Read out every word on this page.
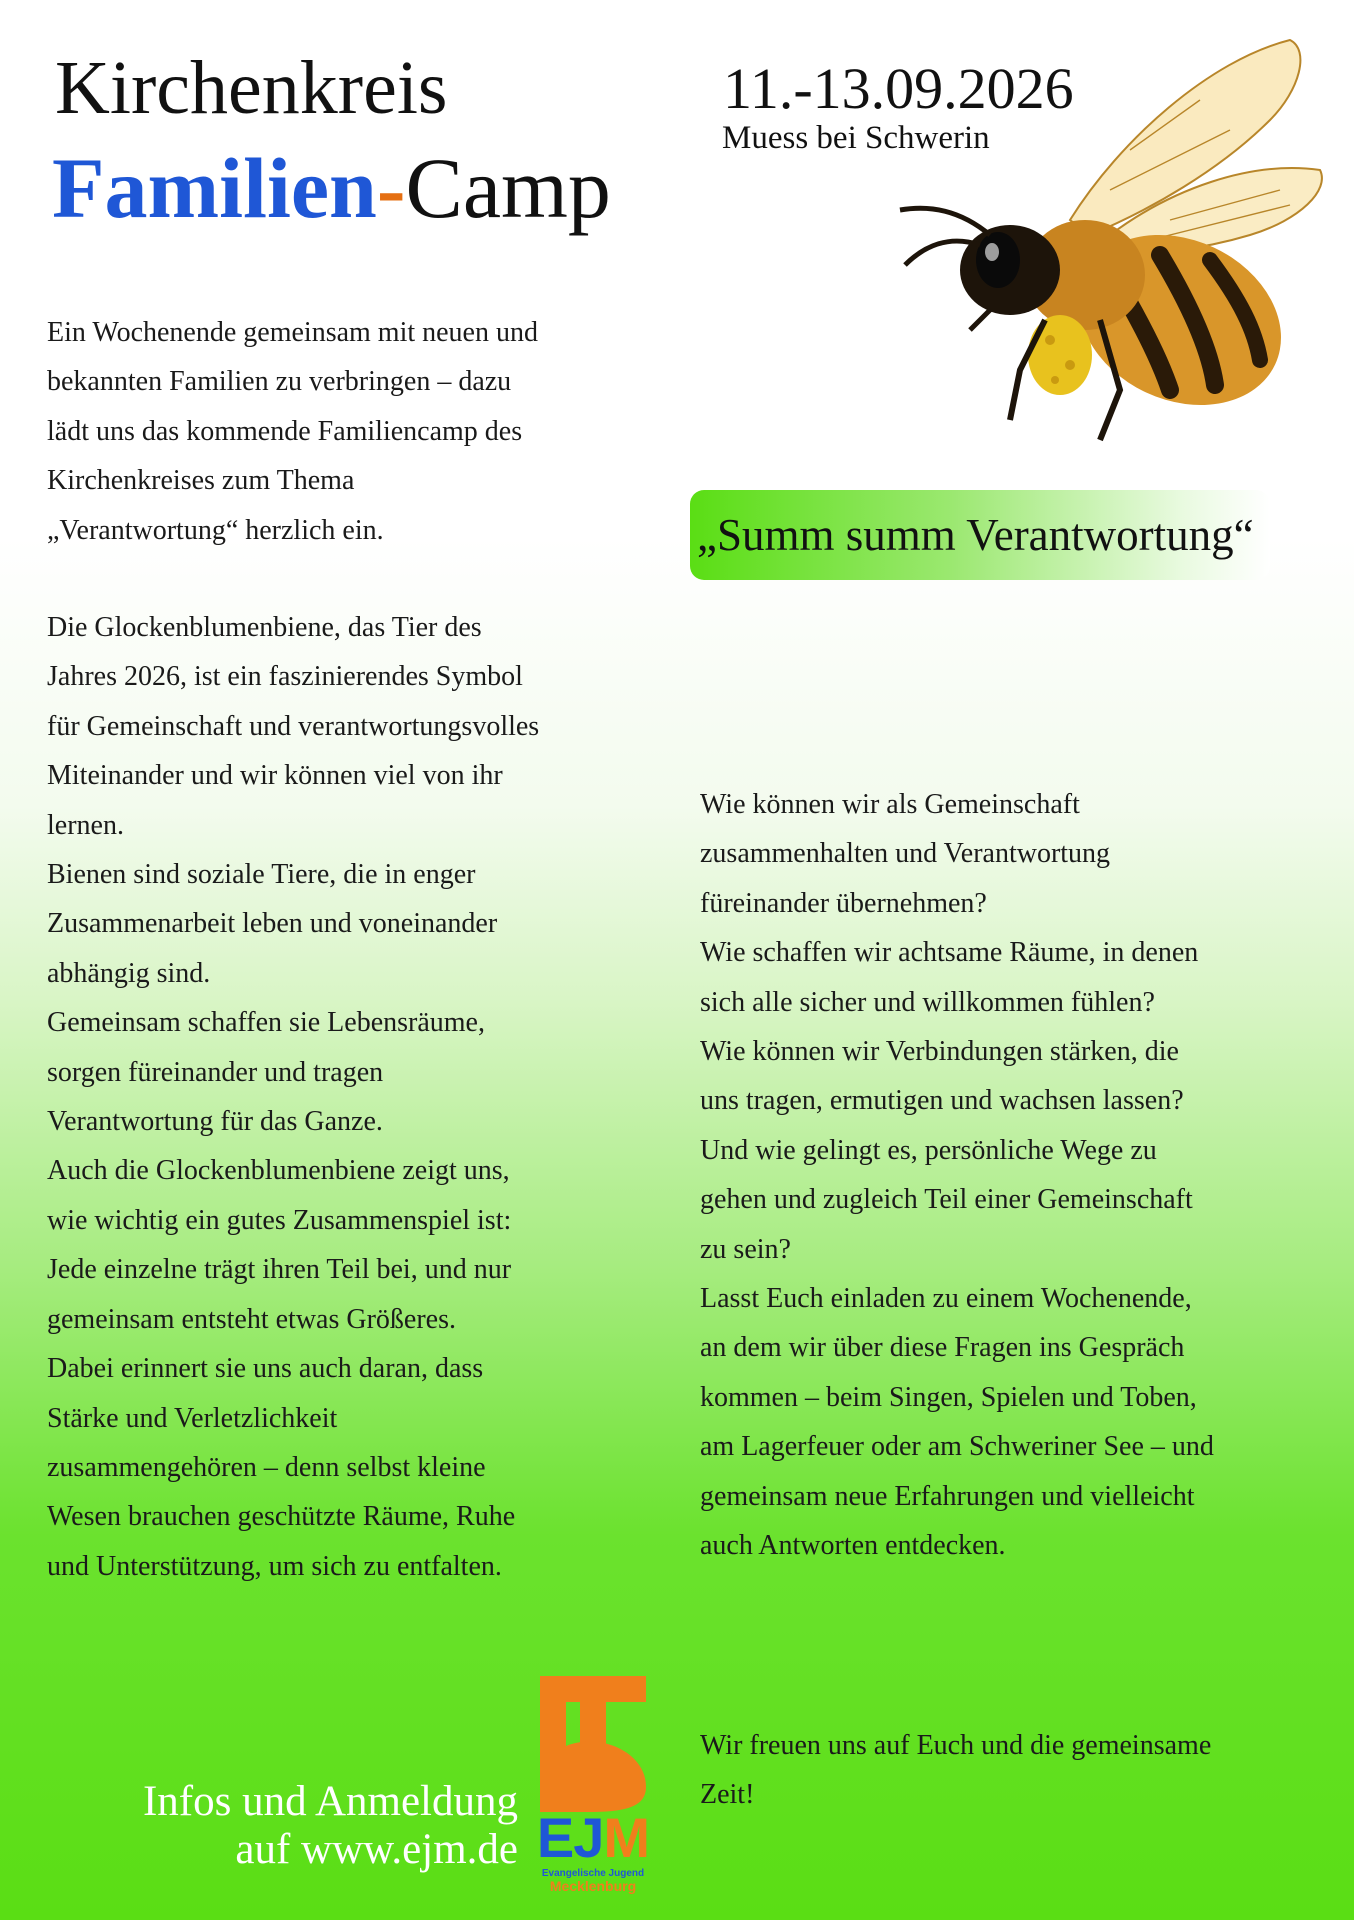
Kirchenkreis
Familien-Camp
11.-13.09.2026
Muess bei Schwerin
Ein Wochenende gemeinsam mit neuen und
bekannten Familien zu verbringen – dazu
lädt uns das kommende Familiencamp des
Kirchenkreises zum Thema
„Verantwortung“ herzlich ein.
Die Glockenblumenbiene, das Tier des
Jahres 2026, ist ein faszinierendes Symbol
für Gemeinschaft und verantwortungsvolles
Miteinander und wir können viel von ihr
lernen.
Bienen sind soziale Tiere, die in enger
Zusammenarbeit leben und voneinander
abhängig sind.
Gemeinsam schaffen sie Lebensräume,
sorgen füreinander und tragen
Verantwortung für das Ganze.
Auch die Glockenblumenbiene zeigt uns,
wie wichtig ein gutes Zusammenspiel ist:
Jede einzelne trägt ihren Teil bei, und nur
gemeinsam entsteht etwas Größeres.
Dabei erinnert sie uns auch daran, dass
Stärke und Verletzlichkeit
zusammengehören – denn selbst kleine
Wesen brauchen geschützte Räume, Ruhe
und Unterstützung, um sich zu entfalten.
„Summ summ Verantwortung“
Wie können wir als Gemeinschaft
zusammenhalten und Verantwortung
füreinander übernehmen?
Wie schaffen wir achtsame Räume, in denen
sich alle sicher und willkommen fühlen?
Wie können wir Verbindungen stärken, die
uns tragen, ermutigen und wachsen lassen?
Und wie gelingt es, persönliche Wege zu
gehen und zugleich Teil einer Gemeinschaft
zu sein?
Lasst Euch einladen zu einem Wochenende,
an dem wir über diese Fragen ins Gespräch
kommen – beim Singen, Spielen und Toben,
am Lagerfeuer oder am Schweriner See – und
gemeinsam neue Erfahrungen und vielleicht
auch Antworten entdecken.
Wir freuen uns auf Euch und die gemeinsame
Zeit!
Infos und Anmeldung
auf www.ejm.de EJM
Evangelische Jugend
Mecklenburg
